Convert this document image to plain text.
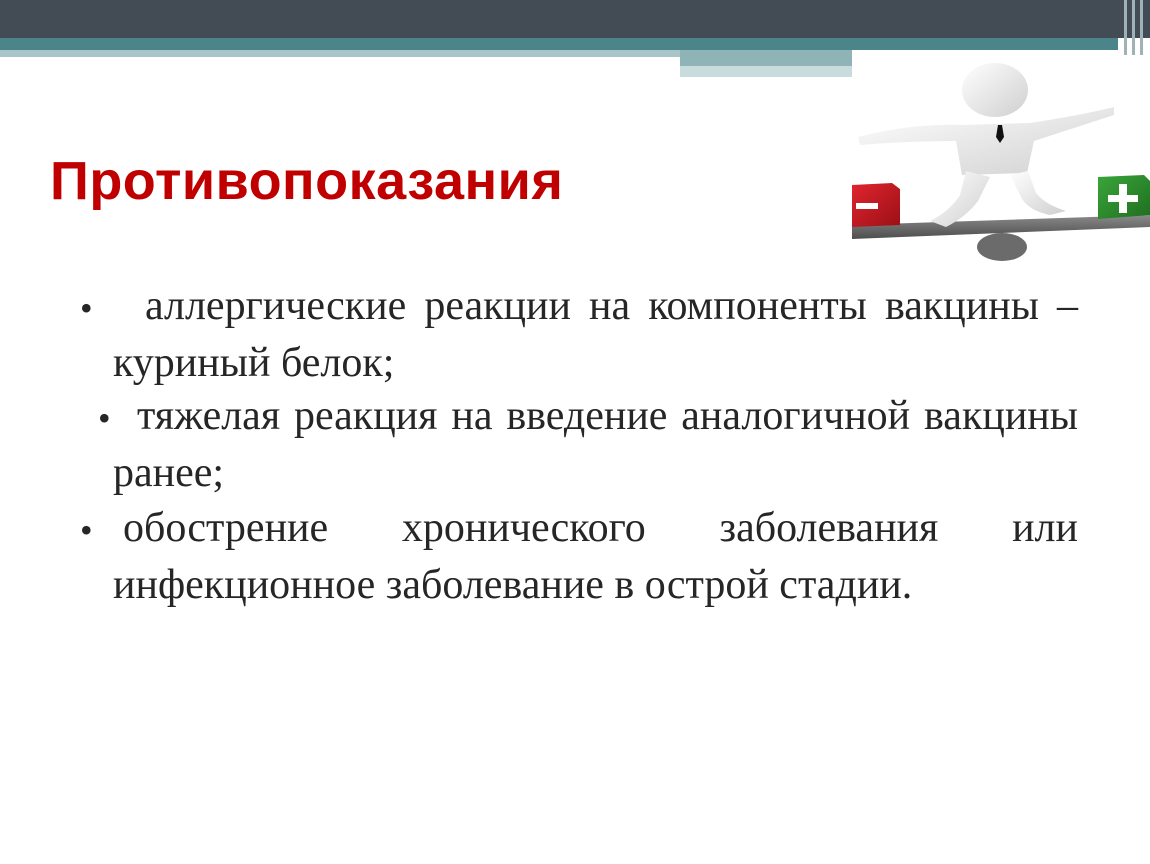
Противопоказания
•	аллергические реакции на компоненты вакцины – куриный белок;
• тяжелая реакция на введение аналогичной вакцины ранее;
• обострение хронического заболевания или инфекционное заболевание в острой стадии.
